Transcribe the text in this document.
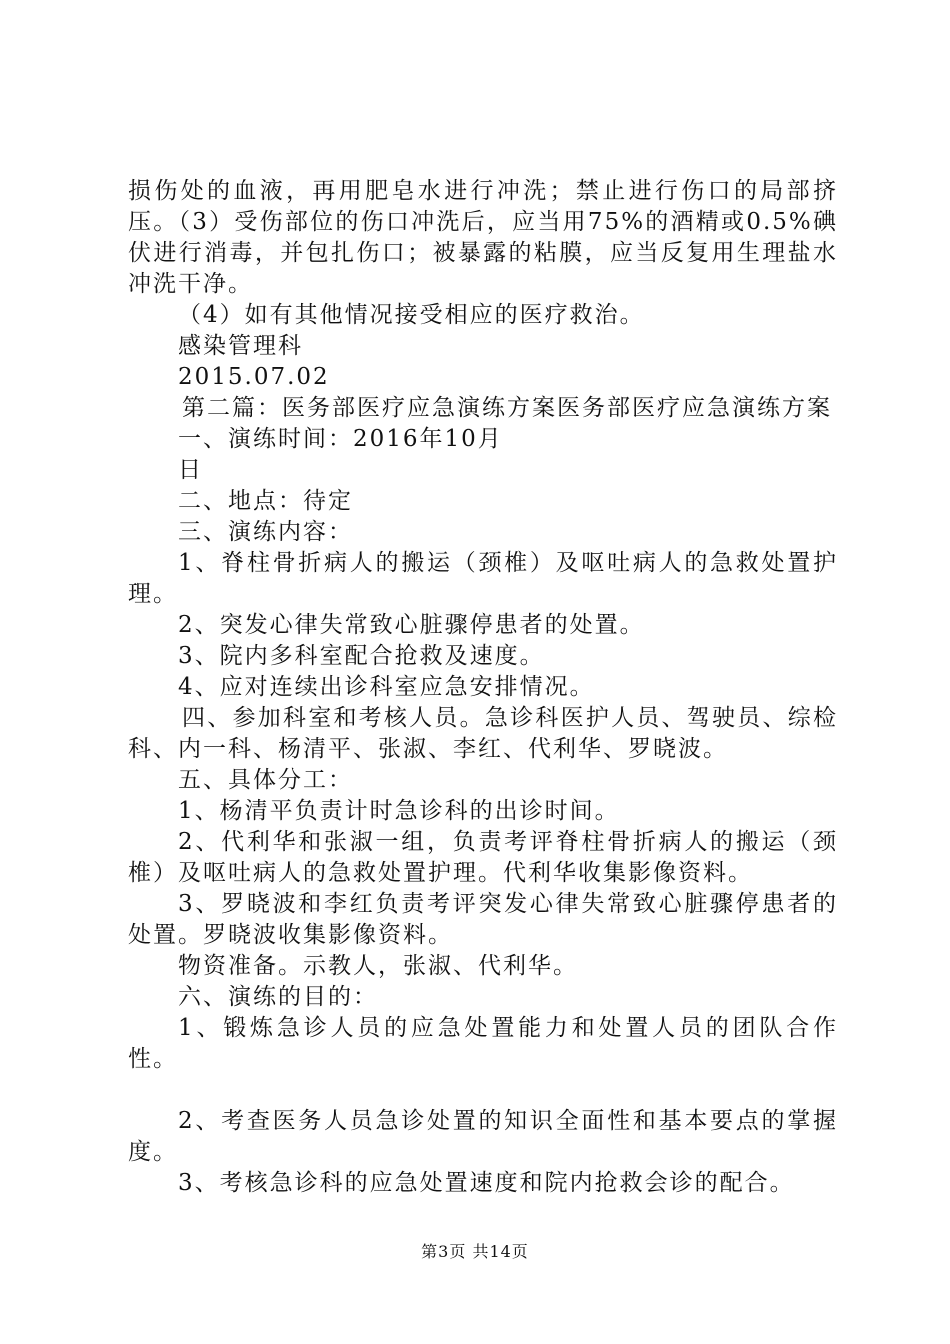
损伤处的血液，再用肥皂水进行冲洗；禁止进行伤口的局部挤压。（3）受伤部位的伤口冲洗后，应当用75%的酒精或0.5%碘伏进行消毒，并包扎伤口；被暴露的粘膜，应当反复用生理盐水冲洗干净。

（4）如有其他情况接受相应的医疗救治。

感染管理科

2015.07.02

第二篇：医务部医疗应急演练方案医务部医疗应急演练方案

一、演练时间：2016年10月

日

二、地点：待定

三、演练内容：

1、脊柱骨折病人的搬运（颈椎）及呕吐病人的急救处置护理。

2、突发心律失常致心脏骤停患者的处置。

3、院内多科室配合抢救及速度。

4、应对连续出诊科室应急安排情况。

四、参加科室和考核人员。急诊科医护人员、驾驶员、综检科、内一科、杨清平、张淑、李红、代利华、罗晓波。

五、具体分工：

1、杨清平负责计时急诊科的出诊时间。

2、代利华和张淑一组，负责考评脊柱骨折病人的搬运（颈椎）及呕吐病人的急救处置护理。代利华收集影像资料。

3、罗晓波和李红负责考评突发心律失常致心脏骤停患者的处置。罗晓波收集影像资料。

物资准备。示教人，张淑、代利华。

六、演练的目的：

1、锻炼急诊人员的应急处置能力和处置人员的团队合作性。

2、考查医务人员急诊处置的知识全面性和基本要点的掌握度。

3、考核急诊科的应急处置速度和院内抢救会诊的配合。

第3页 共14页
